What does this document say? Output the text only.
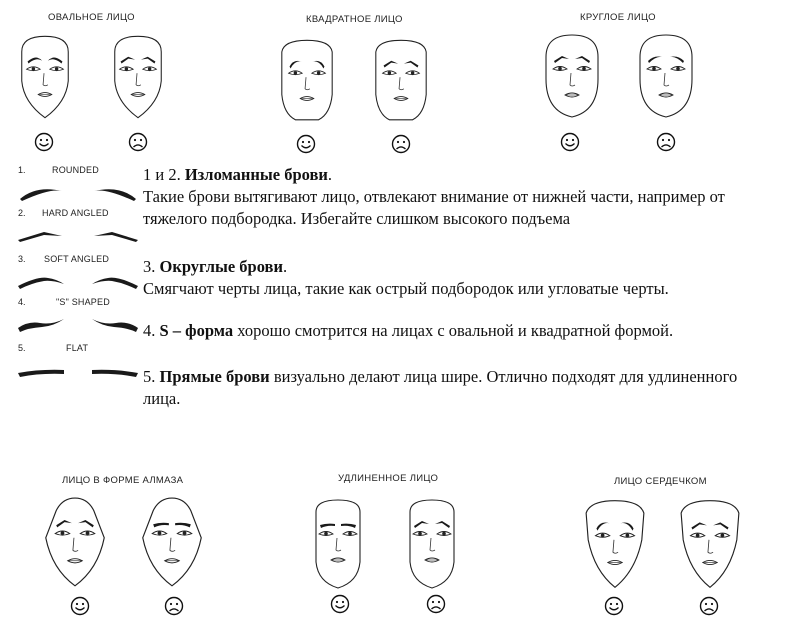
ОВАЛЬНОЕ ЛИЦО	КВАДРАТНОЕ ЛИЦО	КРУГЛОЕ ЛИЦО
ЛИЦО В ФОРМЕ АЛМАЗА	УДЛИНЕННОЕ ЛИЦО	ЛИЦО СЕРДЕЧКОМ
1.	ROUNDED
2. HARD ANGLED
3. SOFT ANGLED
4.	"S" SHAPED
5.	FLAT
1 и 2. Изломанные брови.
Такие брови вытягивают лицо, отвлекают внимание от нижней части, например от тяжелого подбородка. Избегайте слишком высокого подъема
3. Округлые брови.
Смягчают черты лица, такие как острый подбородок или угловатые черты.
4. S – форма хорошо смотрится на лицах с овальной и квадратной формой.
5. Прямые брови визуально делают лица шире. Отлично подходят для удлиненного лица.
